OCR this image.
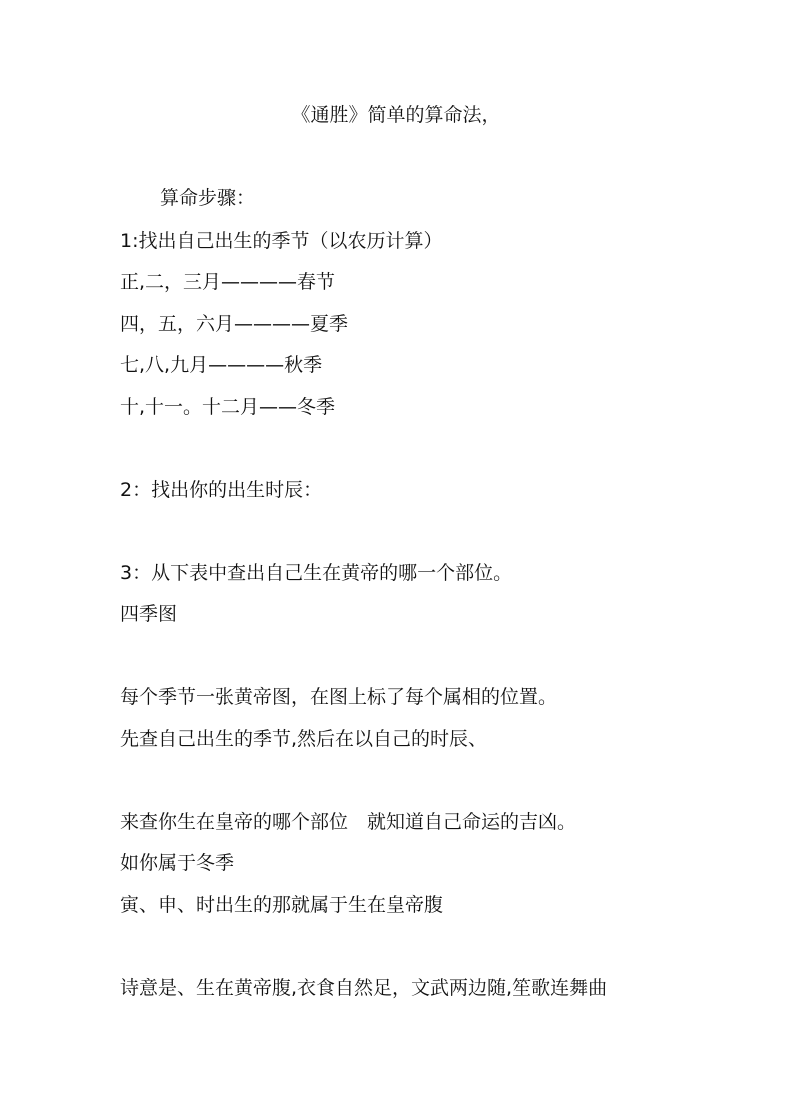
《通胜》简单的算命法，
算命步骤：
1:找出自己出生的季节（以农历计算）
正,二，三月————春节
四，五，六月————夏季
七,八,九月————秋季
十,十一。十二月——冬季
2：找出你的出生时辰：
3：从下表中查出自己生在黄帝的哪一个部位。
四季图
每个季节一张黄帝图，在图上标了每个属相的位置。
先查自己出生的季节,然后在以自己的时辰、
来查你生在皇帝的哪个部位　就知道自己命运的吉凶。
如你属于冬季
寅、申、时出生的那就属于生在皇帝腹
诗意是、生在黄帝腹,衣食自然足，文武两边随,笙歌连舞曲
